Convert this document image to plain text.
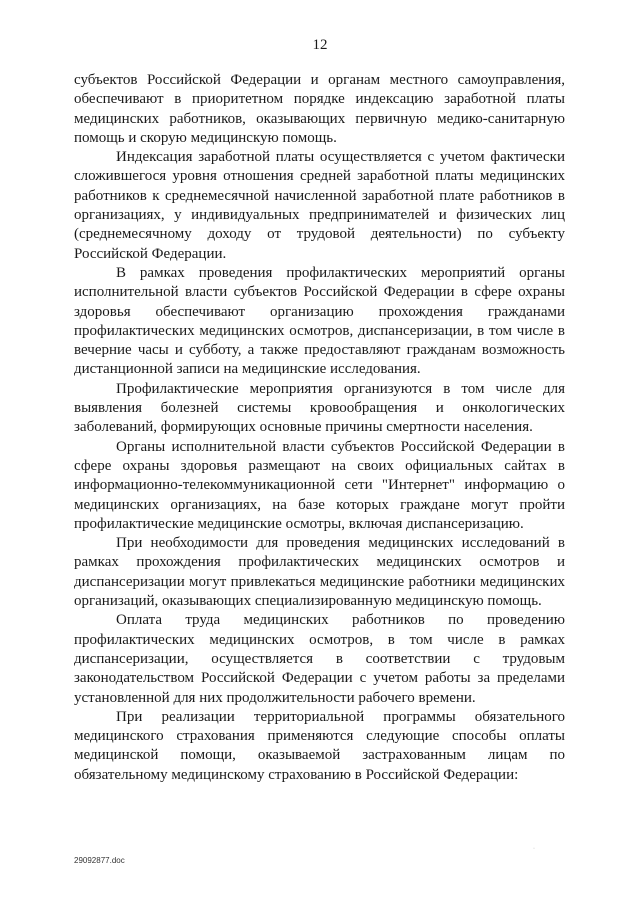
12

субъектов Российской Федерации и органам местного самоуправления, обеспечивают в приоритетном порядке индексацию заработной платы медицинских работников, оказывающих первичную медико-санитарную помощь и скорую медицинскую помощь.

Индексация заработной платы осуществляется с учетом фактически сложившегося уровня отношения средней заработной платы медицинских работников к среднемесячной начисленной заработной плате работников в организациях, у индивидуальных предпринимателей и физических лиц (среднемесячному доходу от трудовой деятельности) по субъекту Российской Федерации.

В рамках проведения профилактических мероприятий органы исполнительной власти субъектов Российской Федерации в сфере охраны здоровья обеспечивают организацию прохождения гражданами профилактических медицинских осмотров, диспансеризации, в том числе в вечерние часы и субботу, а также предоставляют гражданам возможность дистанционной записи на медицинские исследования.

Профилактические мероприятия организуются в том числе для выявления болезней системы кровообращения и онкологических заболеваний, формирующих основные причины смертности населения.

Органы исполнительной власти субъектов Российской Федерации в сфере охраны здоровья размещают на своих официальных сайтах в информационно-телекоммуникационной сети "Интернет" информацию о медицинских организациях, на базе которых граждане могут пройти профилактические медицинские осмотры, включая диспансеризацию.

При необходимости для проведения медицинских исследований в рамках прохождения профилактических медицинских осмотров и диспансеризации могут привлекаться медицинские работники медицинских организаций, оказывающих специализированную медицинскую помощь.

Оплата труда медицинских работников по проведению профилактических медицинских осмотров, в том числе в рамках диспансеризации, осуществляется в соответствии с трудовым законодательством Российской Федерации с учетом работы за пределами установленной для них продолжительности рабочего времени.

При реализации территориальной программы обязательного медицинского страхования применяются следующие способы оплаты медицинской помощи, оказываемой застрахованным лицам по обязательному медицинскому страхованию в Российской Федерации:

29092877.doc
·
